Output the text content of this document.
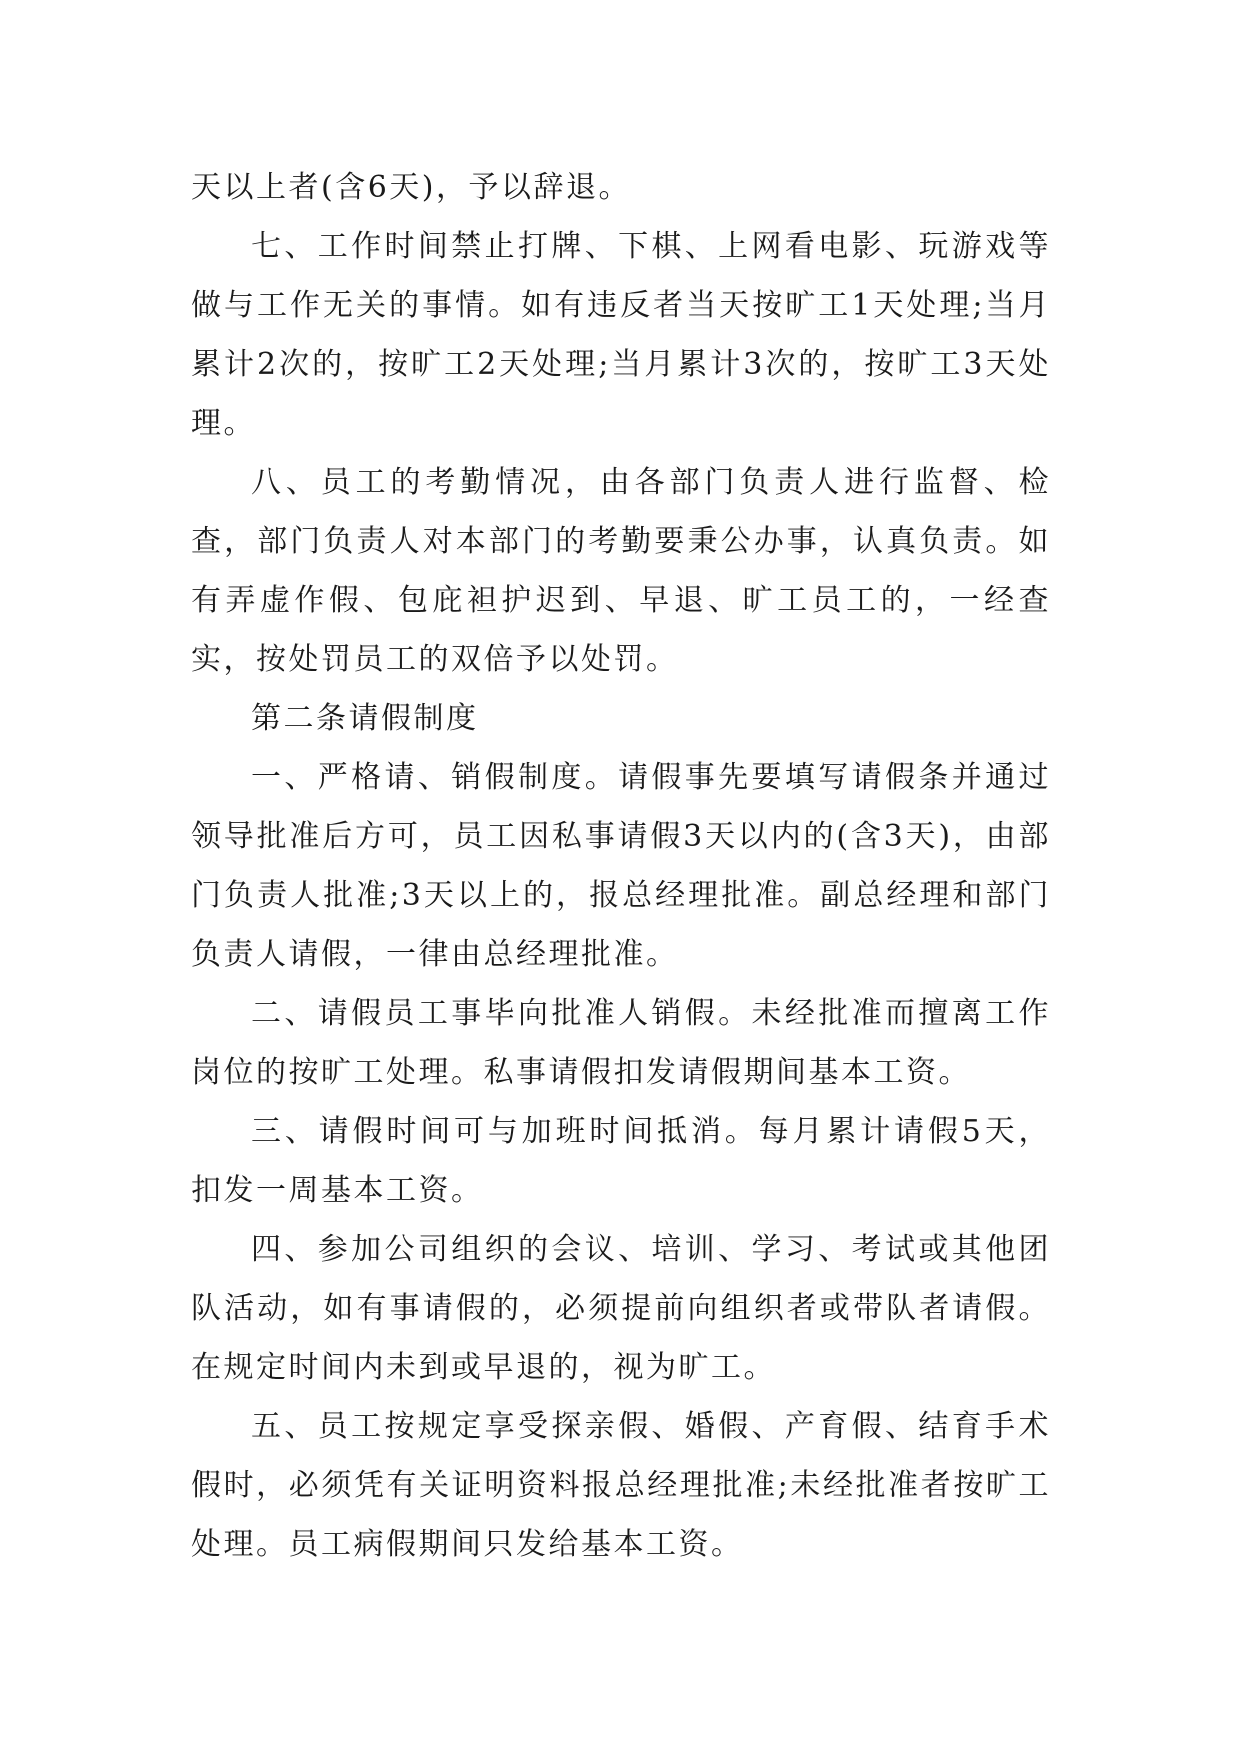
天以上者(含6天)，予以辞退。

七、工作时间禁止打牌、下棋、上网看电影、玩游戏等做与工作无关的事情。如有违反者当天按旷工1天处理;当月累计2次的，按旷工2天处理;当月累计3次的，按旷工3天处理。

八、员工的考勤情况，由各部门负责人进行监督、检查，部门负责人对本部门的考勤要秉公办事，认真负责。如有弄虚作假、包庇袒护迟到、早退、旷工员工的，一经查实，按处罚员工的双倍予以处罚。

第二条请假制度

一、严格请、销假制度。请假事先要填写请假条并通过领导批准后方可，员工因私事请假3天以内的(含3天)，由部门负责人批准;3天以上的，报总经理批准。副总经理和部门负责人请假，一律由总经理批准。

二、请假员工事毕向批准人销假。未经批准而擅离工作岗位的按旷工处理。私事请假扣发请假期间基本工资。

三、请假时间可与加班时间抵消。每月累计请假5天，扣发一周基本工资。

四、参加公司组织的会议、培训、学习、考试或其他团队活动，如有事请假的，必须提前向组织者或带队者请假。在规定时间内未到或早退的，视为旷工。

五、员工按规定享受探亲假、婚假、产育假、结育手术假时，必须凭有关证明资料报总经理批准;未经批准者按旷工处理。员工病假期间只发给基本工资。
